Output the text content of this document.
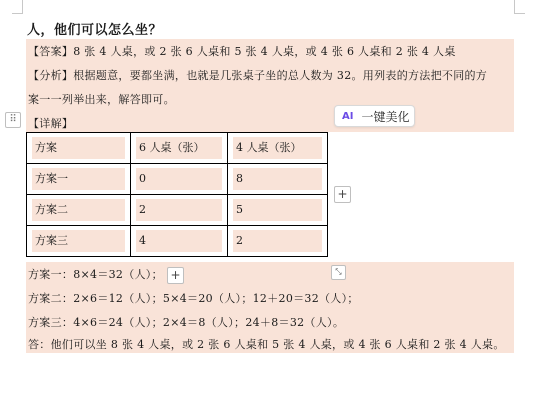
人，他们可以怎么坐？
【答案】8 张 4 人桌，或 2 张 6 人桌和 5 张 4 人桌，或 4 张 6 人桌和 2 张 4 人桌
【分析】根据题意，要都坐满，也就是几张桌子坐的总人数为 32。用列表的方法把不同的方
案一一列举出来，解答即可。
【详解】
⠿	AI 一键美化
方案	6 人桌（张）	4 人桌（张）

方案一	0	8

方案二	2	5

方案三	4	2
+
+	⤡
方案一：8×4＝32（人）；
方案二：2×6＝12（人）；5×4＝20（人）；12＋20＝32（人）；
方案三：4×6＝24（人）；2×4＝8（人）；24＋8＝32（人）。
答：他们可以坐 8 张 4 人桌，或 2 张 6 人桌和 5 张 4 人桌，或 4 张 6 人桌和 2 张 4 人桌。
